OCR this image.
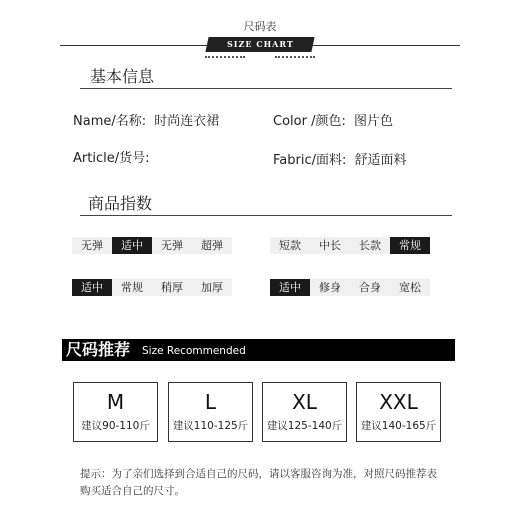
尺码表
SIZE CHART
基本信息
Name/名称: 时尚连衣裙	Color /颜色: 图片色
Article/货号:	Fabric/面料: 舒适面料
商品指数
无弹	适中	无弹	超弹	短款	中长	长款	常规
适中	常规	稍厚	加厚	适中	修身	合身	宽松
尺码推荐 Size Recommended
M
建议90-110斤
L
建议110-125斤
XL
建议125-140斤
XXL
建议140-165斤
提示：为了亲们选择到合适自己的尺码，请以客服咨询为准，对照尺码推荐表购买适合自己的尺寸。
